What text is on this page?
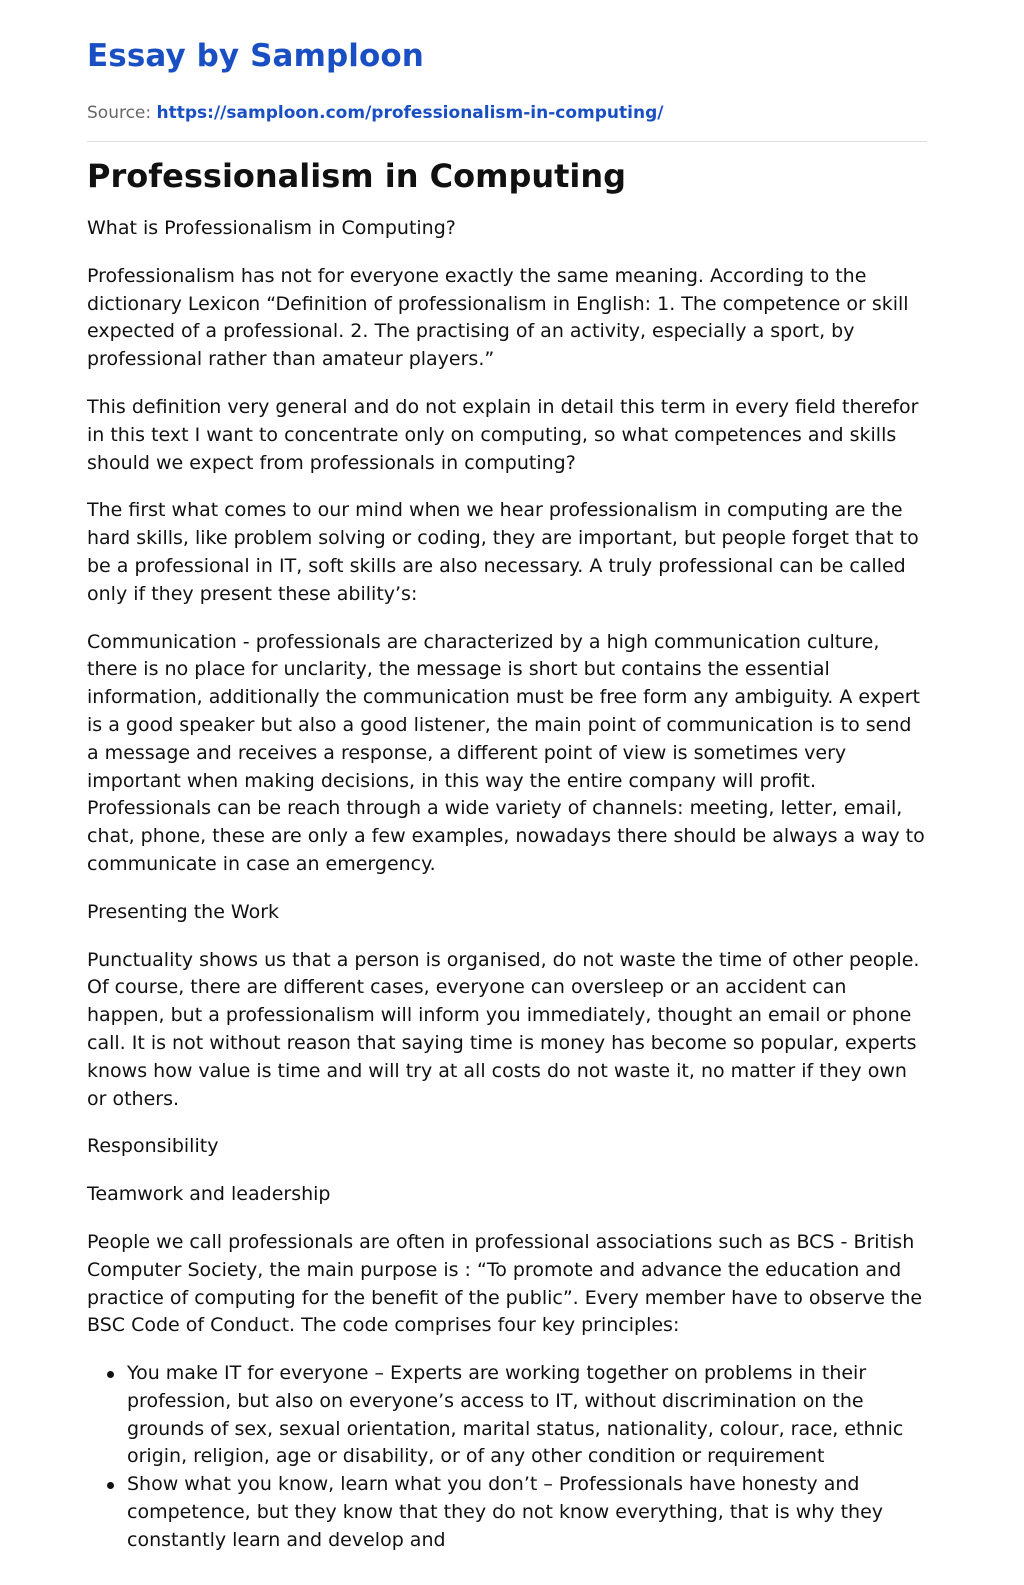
Essay by Samploon
Source: https://samploon.com/professionalism-in-computing/
Professionalism in Computing

What is Professionalism in Computing?

Professionalism has not for everyone exactly the same meaning. According to the dictionary Lexicon “Definition of professionalism in English: 1. The competence or skill expected of a professional. 2. The practising of an activity, especially a sport, by professional rather than amateur players.”

This definition very general and do not explain in detail this term in every field therefor in this text I want to concentrate only on computing, so what competences and skills should we expect from professionals in computing?

The first what comes to our mind when we hear professionalism in computing are the hard skills, like problem solving or coding, they are important, but people forget that to be a professional in IT, soft skills are also necessary. A truly professional can be called only if they present these ability’s:

Communication - professionals are characterized by a high communication culture, there is no place for unclarity, the message is short but contains the essential information, additionally the communication must be free form any ambiguity. A expert is a good speaker but also a good listener, the main point of communication is to send a message and receives a response, a different point of view is sometimes very important when making decisions, in this way the entire company will profit. Professionals can be reach through a wide variety of channels: meeting, letter, email, chat, phone, these are only a few examples, nowadays there should be always a way to communicate in case an emergency.

Presenting the Work

Punctuality shows us that a person is organised, do not waste the time of other people. Of course, there are different cases, everyone can oversleep or an accident can happen, but a professionalism will inform you immediately, thought an email or phone call. It is not without reason that saying time is money has become so popular, experts knows how value is time and will try at all costs do not waste it, no matter if they own or others.

Responsibility

Teamwork and leadership

People we call professionals are often in professional associations such as BCS - British Computer Society, the main purpose is : “To promote and advance the education and practice of computing for the benefit of the public”. Every member have to observe the BSC Code of Conduct. The code comprises four key principles:

You make IT for everyone – Experts are working together on problems in their profession, but also on everyone’s access to IT, without discrimination on the grounds of sex, sexual orientation, marital status, nationality, colour, race, ethnic origin, religion, age or disability, or of any other condition or requirement
Show what you know, learn what you don’t – Professionals have honesty and competence, but they know that they do not know everything, that is why they constantly learn and develop and
